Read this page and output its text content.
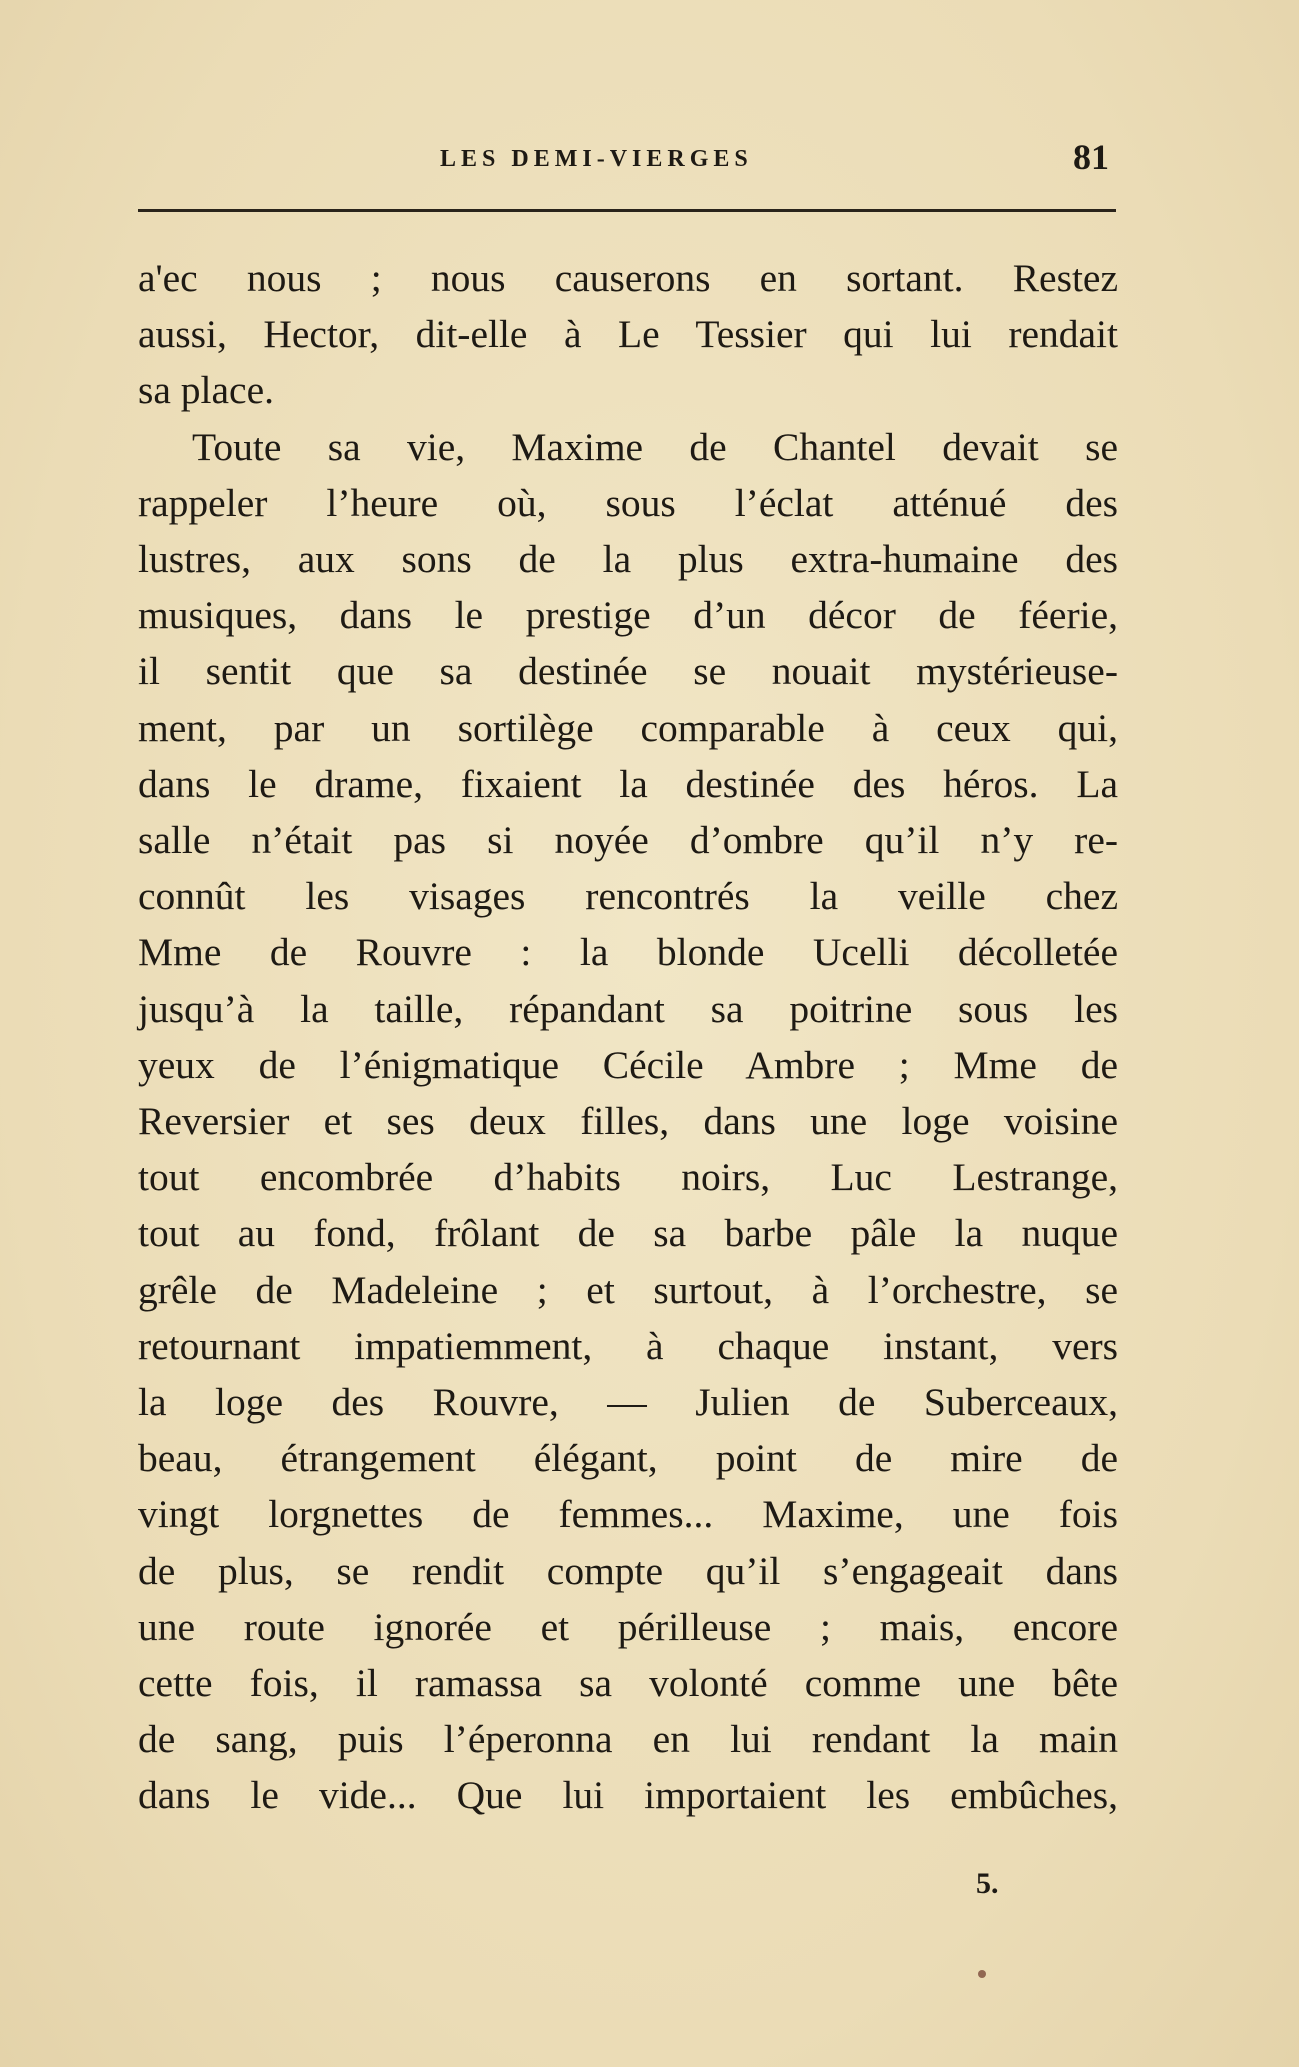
LES DEMI-VIERGES	81
a'ec nous ; nous causerons en sortant. Restez
aussi, Hector, dit-elle à Le Tessier qui lui rendait
sa place.
Toute sa vie, Maxime de Chantel devait se
rappeler l’heure où, sous l’éclat atténué des
lustres, aux sons de la plus extra-humaine des
musiques, dans le prestige d’un décor de féerie,
il sentit que sa destinée se nouait mystérieuse-
ment, par un sortilège comparable à ceux qui,
dans le drame, fixaient la destinée des héros. La
salle n’était pas si noyée d’ombre qu’il n’y re-
connût les visages rencontrés la veille chez
Mme de Rouvre : la blonde Ucelli décolletée
jusqu’à la taille, répandant sa poitrine sous les
yeux de l’énigmatique Cécile Ambre ; Mme de
Reversier et ses deux filles, dans une loge voisine
tout encombrée d’habits noirs, Luc Lestrange,
tout au fond, frôlant de sa barbe pâle la nuque
grêle de Madeleine ; et surtout, à l’orchestre, se
retournant impatiemment, à chaque instant, vers
la loge des Rouvre, — Julien de Suberceaux,
beau, étrangement élégant, point de mire de
vingt lorgnettes de femmes... Maxime, une fois
de plus, se rendit compte qu’il s’engageait dans
une route ignorée et périlleuse ; mais, encore
cette fois, il ramassa sa volonté comme une bête
de sang, puis l’éperonna en lui rendant la main
dans le vide... Que lui importaient les embûches,
5.
